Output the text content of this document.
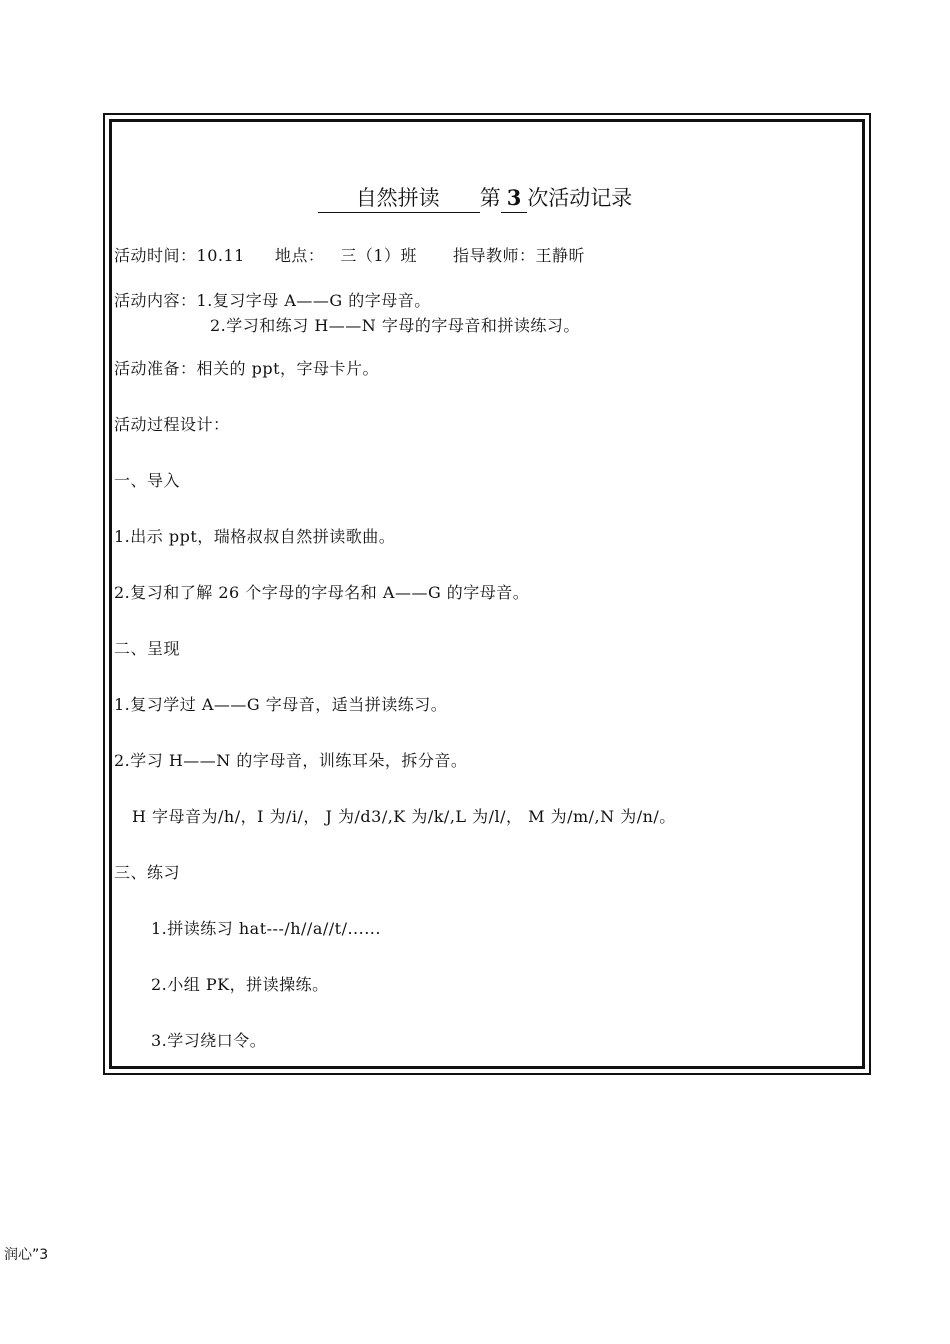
自然拼读 第 3 次活动记录
活动时间：10.11 地点： 三（1）班 指导教师：王静昕
活动内容：1.复习字母 A——G 的字母音。
2.学习和练习 H——N 字母的字母音和拼读练习。
活动准备：相关的 ppt，字母卡片。
活动过程设计：
一、导入
1.出示 ppt，瑞格叔叔自然拼读歌曲。
2.复习和了解 26 个字母的字母名和 A——G 的字母音。
二、呈现
1.复习学过 A——G 字母音，适当拼读练习。
2.学习 H——N 的字母音，训练耳朵，拆分音。
H 字母音为/h/，I 为/i/， J 为/d3/,K 为/k/,L 为/l/， M 为/m/,N 为/n/。
三、练习
1.拼读练习 hat---/h//a//t/......
2.小组 PK，拼读操练。
3.学习绕口令。
润心”3
